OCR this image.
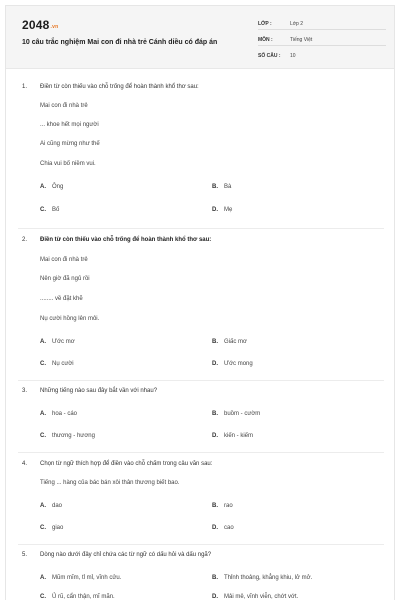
2048.vn
10 câu trắc nghiệm Mai con đi nhà trẻ Cánh diều có đáp án
LỚP :	Lớp 2
MÔN :	Tiếng Việt
SỐ CÂU : 10
1. Điền từ còn thiếu vào chỗ trống để hoàn thành khổ thơ sau:
Mai con đi nhà trẻ
... khoe hết mọi người
Ai cũng mừng như thế
Chia vui bố niềm vui.
A. Ông	B. Bà
C. Bố	D. Mẹ
2. Điền từ còn thiếu vào chỗ trống để hoàn thành khổ thơ sau:
Mai con đi nhà trẻ
Nên giờ đã ngủ rồi
........ về đặt khẽ
Nụ cười hồng lên môi.
A. Ước mơ	B. Giấc mơ
C. Nụ cười	D. Ước mong
3. Những tiếng nào sau đây bắt vần với nhau?
A. hoa - cáo	B. buồm - cườm
C. thương - hương	D. kiến - kiếm
4. Chọn từ ngữ thích hợp để điền vào chỗ chấm trong câu văn sau:
Tiếng ... hàng của bác bán xôi thân thương biết bao.
A. dao	B. rao
C. giao	D. cao
5. Dòng nào dưới đây chỉ chứa các từ ngữ có dấu hỏi và dấu ngã?
A. Mũm mĩm, tỉ mỉ, vĩnh cửu.	B. Thỉnh thoảng, khẳng khiu, lở mở.
C. Ủ rũ, cẩn thận, mĩ mãn.	D. Mải mê, vĩnh viễn, chớt vớt.
